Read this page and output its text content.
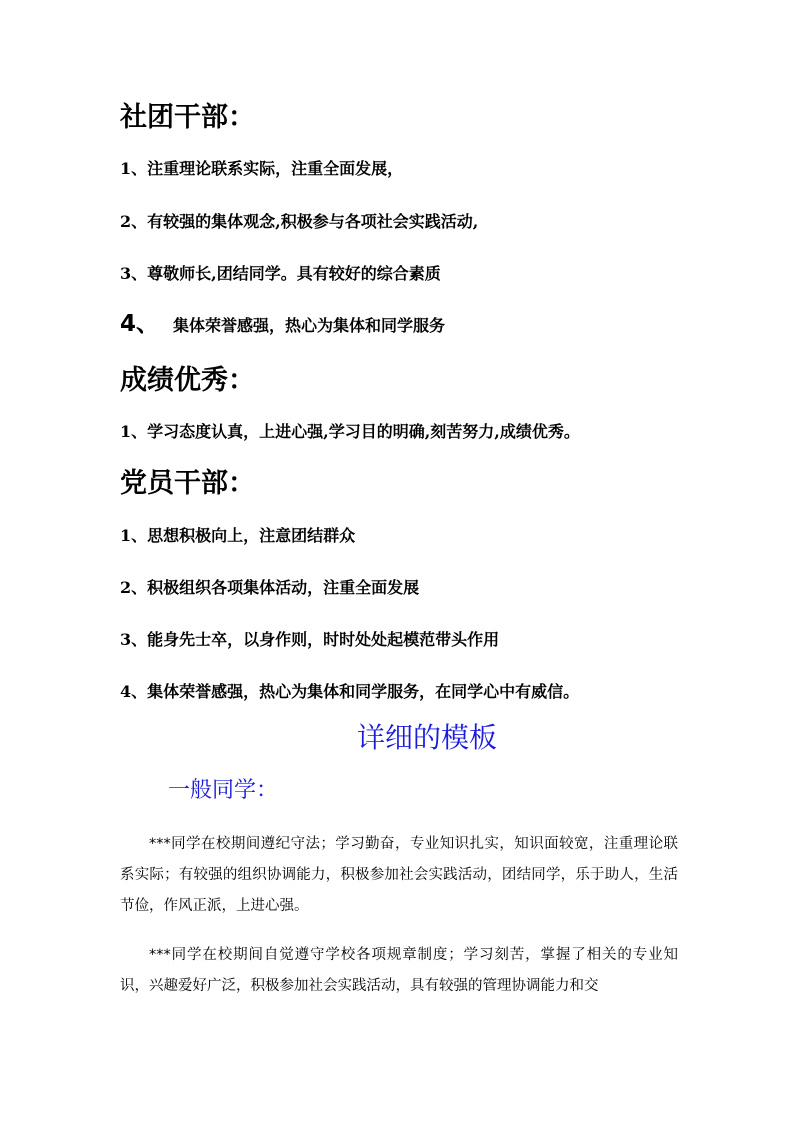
社团干部：
1、注重理论联系实际，注重全面发展，
2、有较强的集体观念,积极参与各项社会实践活动,
3、尊敬师长,团结同学。具有较好的综合素质
4、 集体荣誉感强，热心为集体和同学服务
成绩优秀：
1、学习态度认真，上进心强,学习目的明确,刻苦努力,成绩优秀。
党员干部：
1、思想积极向上，注意团结群众
2、积极组织各项集体活动，注重全面发展
3、能身先士卒，以身作则，时时处处起模范带头作用
4、集体荣誉感强，热心为集体和同学服务，在同学心中有威信。
详细的模板
一般同学：
***同学在校期间遵纪守法；学习勤奋，专业知识扎实，知识面较宽，注重理论联系实际；有较强的组织协调能力，积极参加社会实践活动，团结同学，乐于助人，生活节俭，作风正派，上进心强。
***同学在校期间自觉遵守学校各项规章制度；学习刻苦，掌握了相关的专业知识，兴趣爱好广泛，积极参加社会实践活动，具有较强的管理协调能力和交
